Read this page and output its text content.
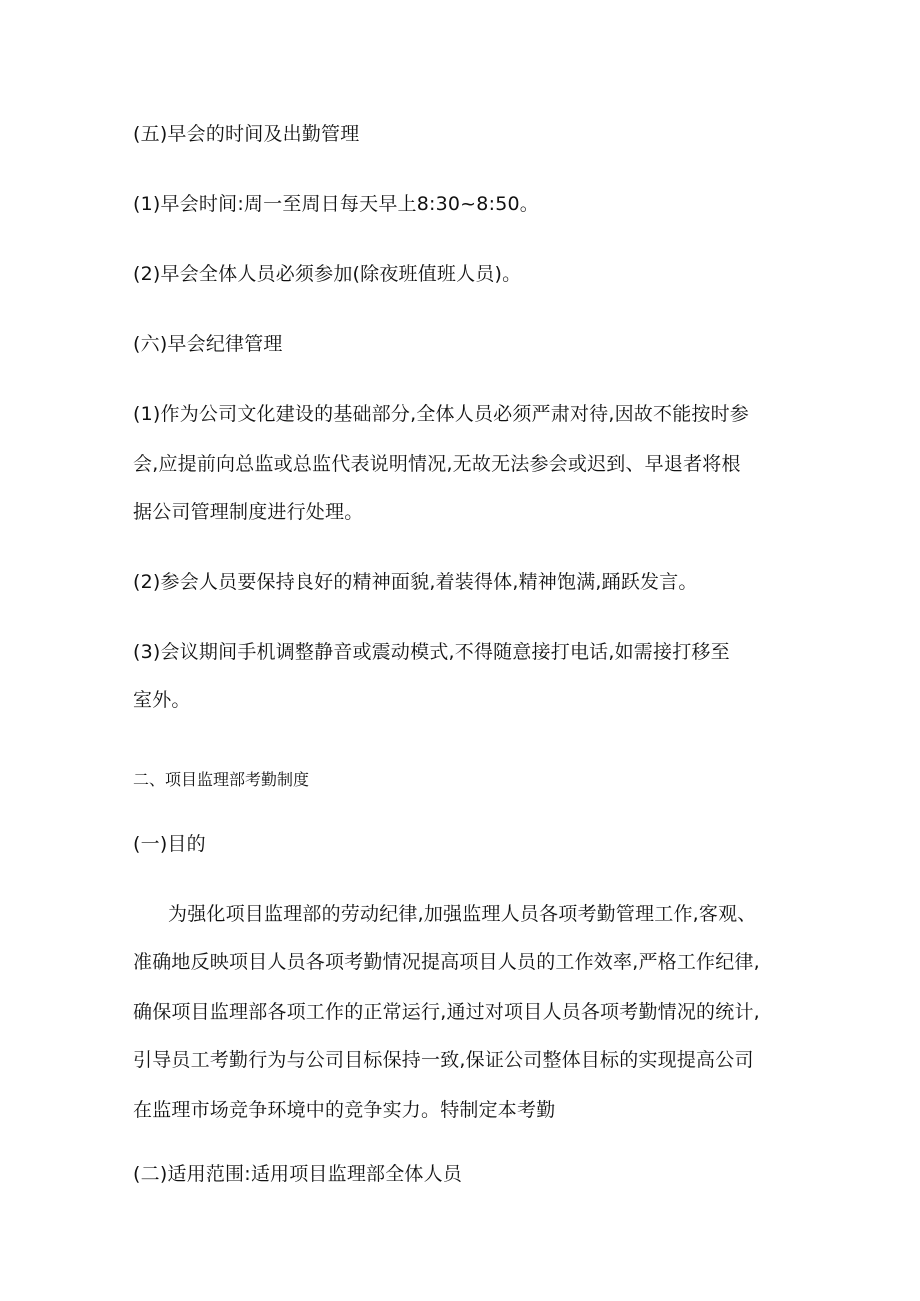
(五)早会的时间及出勤管理
(1)早会时间:周一至周日每天早上8:30~8:50。
(2)早会全体人员必须参加(除夜班值班人员)。
(六)早会纪律管理
(1)作为公司文化建设的基础部分,全体人员必须严肃对待,因故不能按时参
会,应提前向总监或总监代表说明情况,无故无法参会或迟到、早退者将根
据公司管理制度进行处理。
(2)参会人员要保持良好的精神面貌,着装得体,精神饱满,踊跃发言。
(3)会议期间手机调整静音或震动模式,不得随意接打电话,如需接打移至
室外。
二、项目监理部考勤制度
(一)目的
为强化项目监理部的劳动纪律,加强监理人员各项考勤管理工作,客观、
准确地反映项目人员各项考勤情况提高项目人员的工作效率,严格工作纪律,
确保项目监理部各项工作的正常运行,通过对项目人员各项考勤情况的统计,
引导员工考勤行为与公司目标保持一致,保证公司整体目标的实现提高公司
在监理市场竞争环境中的竞争实力。特制定本考勤
(二)适用范围:适用项目监理部全体人员
